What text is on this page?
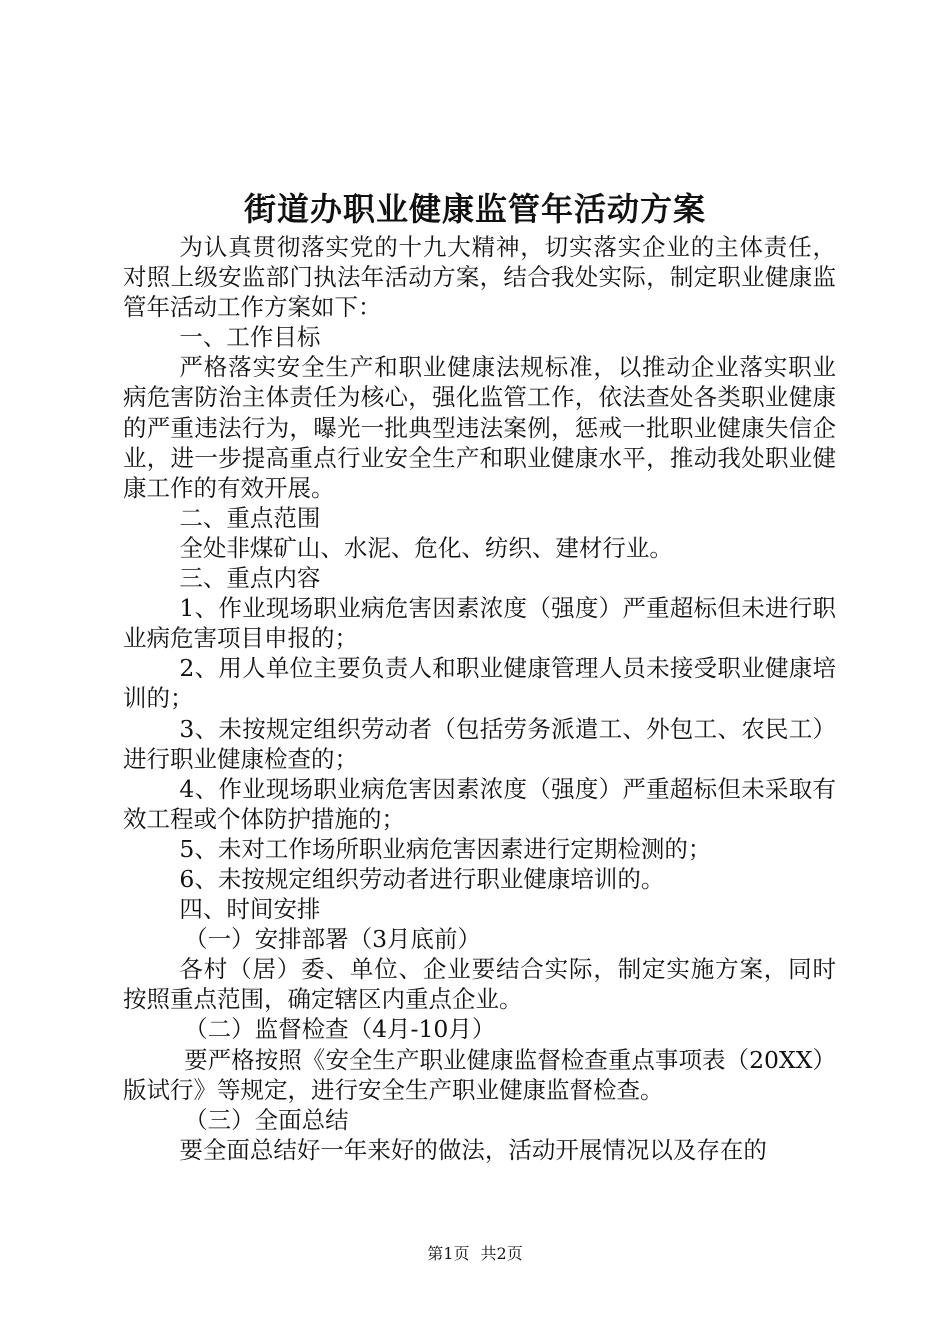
街道办职业健康监管年活动方案

为认真贯彻落实党的十九大精神，切实落实企业的主体责任，对照上级安监部门执法年活动方案，结合我处实际，制定职业健康监管年活动工作方案如下：

一、工作目标

严格落实安全生产和职业健康法规标准，以推动企业落实职业病危害防治主体责任为核心，强化监管工作，依法查处各类职业健康的严重违法行为，曝光一批典型违法案例，惩戒一批职业健康失信企业，进一步提高重点行业安全生产和职业健康水平，推动我处职业健康工作的有效开展。

二、重点范围

全处非煤矿山、水泥、危化、纺织、建材行业。

三、重点内容

1、作业现场职业病危害因素浓度（强度）严重超标但未进行职业病危害项目申报的；

2、用人单位主要负责人和职业健康管理人员未接受职业健康培训的；

3、未按规定组织劳动者（包括劳务派遣工、外包工、农民工）进行职业健康检查的；

4、作业现场职业病危害因素浓度（强度）严重超标但未采取有效工程或个体防护措施的；

5、未对工作场所职业病危害因素进行定期检测的；

6、未按规定组织劳动者进行职业健康培训的。

四、时间安排

（一）安排部署（3月底前）

各村（居）委、单位、企业要结合实际，制定实施方案，同时按照重点范围，确定辖区内重点企业。

（二）监督检查（4月-10月）

要严格按照《安全生产职业健康监督检查重点事项表（20XX）版试行》等规定，进行安全生产职业健康监督检查。

（三）全面总结

要全面总结好一年来好的做法，活动开展情况以及存在的

第1页 共2页
